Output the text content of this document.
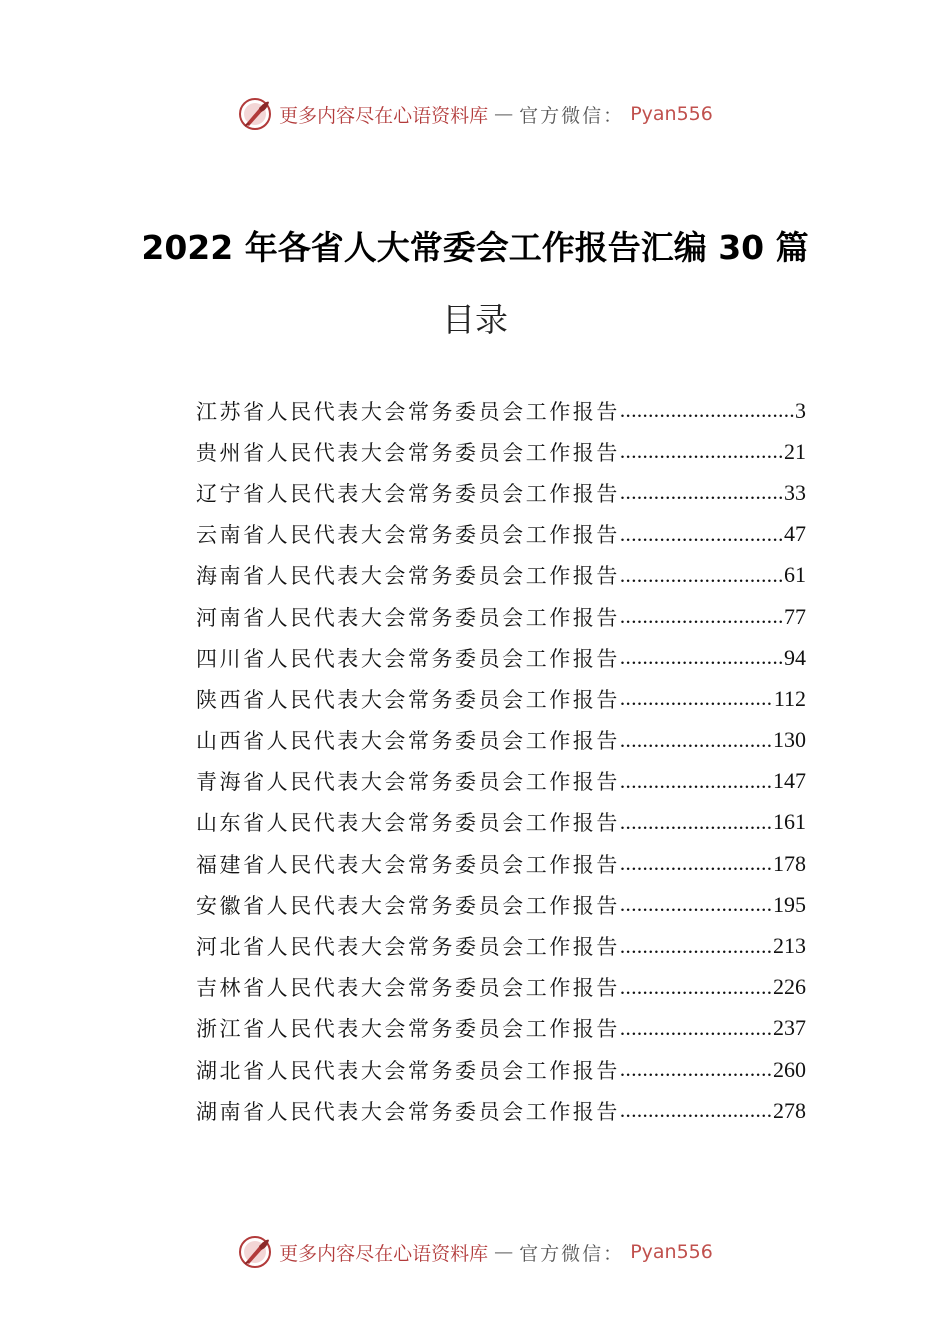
更多内容尽在心语资料库 — 官方微信： Pyan556
2022 年各省人大常委会工作报告汇编 30 篇
目录
江苏省人民代表大会常务委员会工作报告 .....	3
贵州省人民代表大会常务委员会工作报告 .....	21
辽宁省人民代表大会常务委员会工作报告 .....	33
云南省人民代表大会常务委员会工作报告 .....	47
海南省人民代表大会常务委员会工作报告 .....	61
河南省人民代表大会常务委员会工作报告 .....	77
四川省人民代表大会常务委员会工作报告 .....	94
陕西省人民代表大会常务委员会工作报告 .....	112
山西省人民代表大会常务委员会工作报告 .....	130
青海省人民代表大会常务委员会工作报告 .....	147
山东省人民代表大会常务委员会工作报告 .....	161
福建省人民代表大会常务委员会工作报告 .....	178
安徽省人民代表大会常务委员会工作报告 .....	195
河北省人民代表大会常务委员会工作报告 .....	213
吉林省人民代表大会常务委员会工作报告 .....	226
浙江省人民代表大会常务委员会工作报告 .....	237
湖北省人民代表大会常务委员会工作报告 .....	260
湖南省人民代表大会常务委员会工作报告 .....	278
更多内容尽在心语资料库 — 官方微信： Pyan556
